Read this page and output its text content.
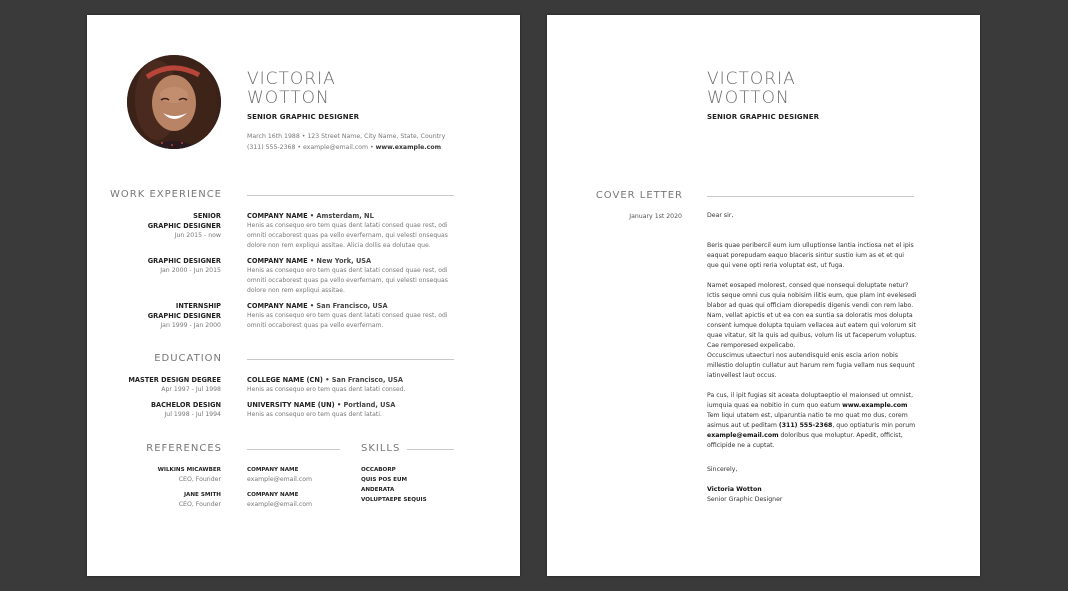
VICTORIA
WOTTON
SENIOR GRAPHIC DESIGNER
March 16th 1988 • 123 Street Name, City Name, State, Country
(311) 555-2368 • example@email.com • www.example.com
WORK EXPERIENCE
SENIOR
GRAPHIC DESIGNER
Jun 2015 - now
COMPANY NAME • Amsterdam, NL
Henis as consequo ero tem quas dent latati consed quae rest, odi omniti occaborest quas pa vello everfernam, qui velesti onsequas dolore non rem expliqui assitae. Alicia dollis ea dolutae que.
GRAPHIC DESIGNER
Jan 2000 - Jun 2015
COMPANY NAME • New York, USA
Henis as consequo ero tem quas dent latati consed quae rest, odi omniti occaborest quas pa vello everfernam, qui velesti onsequas dolore non rem expliqui assitae.
INTERNSHIP
GRAPHIC DESIGNER
Jan 1999 - Jan 2000
COMPANY NAME • San Francisco, USA
Henis as consequo ero tem quas dent latati consed quae rest, odi omniti occaborest quas pa vello everfernam.
EDUCATION
MASTER DESIGN DEGREE
Apr 1997 - Jul 1998
COLLEGE NAME (CN) • San Francisco, USA
Henis as consequo ero tem quas dent latati consed.
BACHELOR DESIGN
Jul 1998 - Jul 1994
UNIVERSITY NAME (UN) • Portland, USA
Henis as consequo ero tem quas dent latati.
REFERENCES	SKILLS
WILKINS MICAWBER
CEO, Founder
COMPANY NAME
example@email.com
JANE SMITH
CEO, Founder
COMPANY NAME
example@email.com
OCCABORP
QUIS POS EUM
ANDERATA
VOLUPTAEPE SEQUIS
VICTORIA
WOTTON
SENIOR GRAPHIC DESIGNER
COVER LETTER
January 1st 2020	Dear sir,

Beris quae peribercil eum ium ulluptionse lantia inctiosa net el ipis eaquat porepudam eaquo blaceris sintur sustio ium as et et qui que qui vene opti reria voluptat est, ut fuga.

Namet eosaped molorest, consed que nonsequi doluptate netur? Ictis seque omni cus quia nobisim ilitis eum, que plam int evelesedi blabor ad quas qui officiam diorepedis digenis vendi con rem labo. Nam, vellat apictis et ut ea con ea suntia sa doloratis mos dolupta consent iumque dolupta tquiam vellacea aut eatem qui volorum sit quae vitatur, sit la quis ad quibus, volum lis ut faceperum voluptus. Cae remporesed expelicabo.
Occuscimus utaecturi nos autendisquid enis escia arion nobis millestio doluptin cullatur aut harum rem fugia vellam nus sequunt iatinvellest laut occus.

Pa cus, il ipit fugias sit aceata doluptaeptio el maionsed ut omnist, iumquia quas ea nobitio in cum quo eatum www.example.com Tem liqui utatem est, ulparuntia natio te mo quat mo dus, corem asimus aut ut peditam (311) 555-2368, quo optiaturis min porum example@email.com doloribus que moluptur. Apedit, officist, officipide ne a cuptat.

Sincerely,

Victoria Wotton
Senior Graphic Designer
